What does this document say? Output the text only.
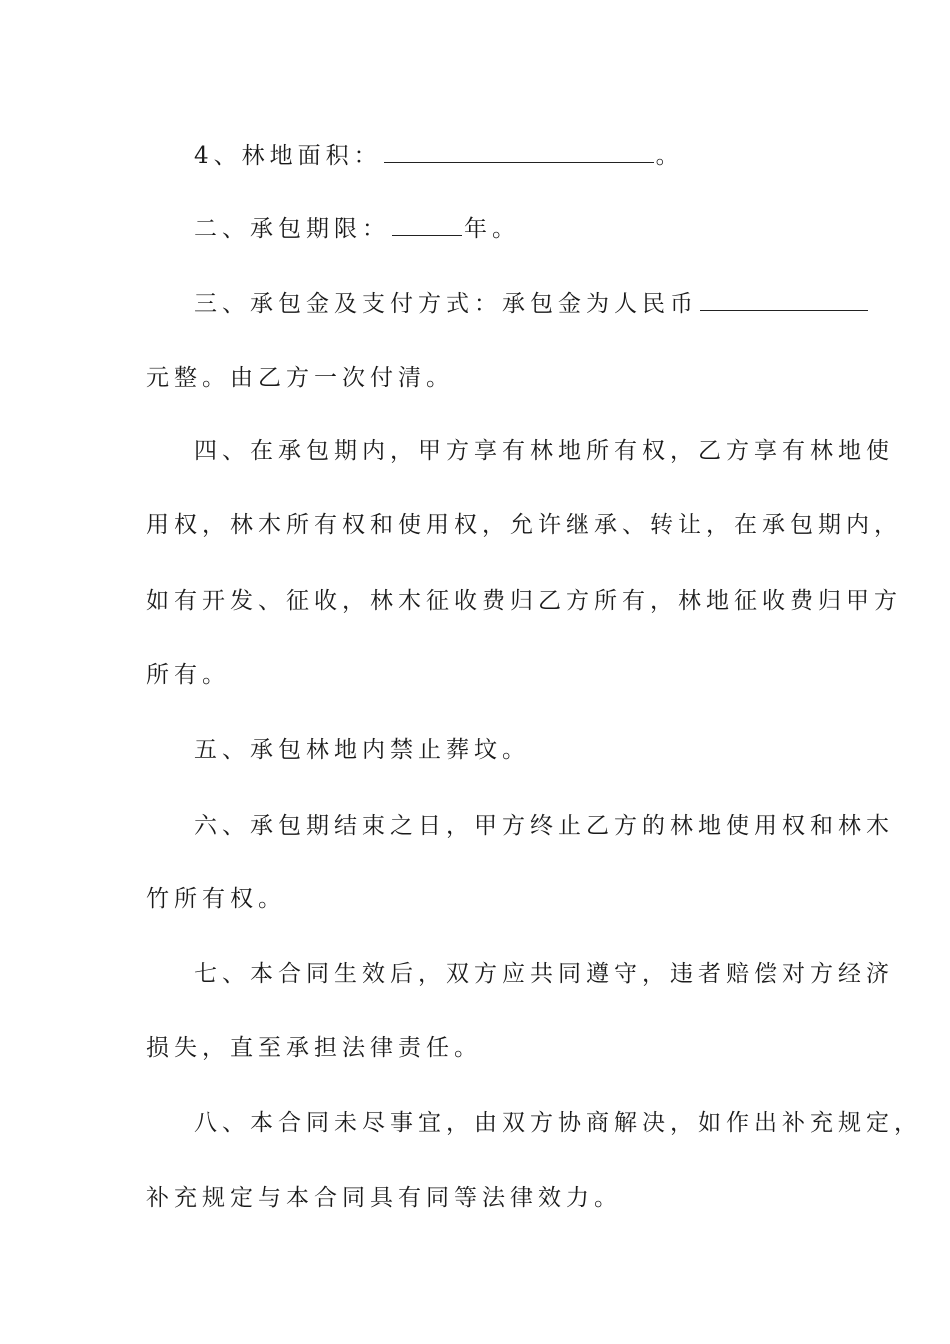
4、林地面积：	。
二、承包期限：	年。
三、承包金及支付方式：承包金为人民币
元整。由乙方一次付清。
四、在承包期内，甲方享有林地所有权，乙方享有林地使
用权，林木所有权和使用权，允许继承、转让，在承包期内，
如有开发、征收，林木征收费归乙方所有，林地征收费归甲方
所有。
五、承包林地内禁止葬坟。
六、承包期结束之日，甲方终止乙方的林地使用权和林木
竹所有权。
七、本合同生效后，双方应共同遵守，违者赔偿对方经济
损失，直至承担法律责任。
八、本合同未尽事宜，由双方协商解决，如作出补充规定，
补充规定与本合同具有同等法律效力。
